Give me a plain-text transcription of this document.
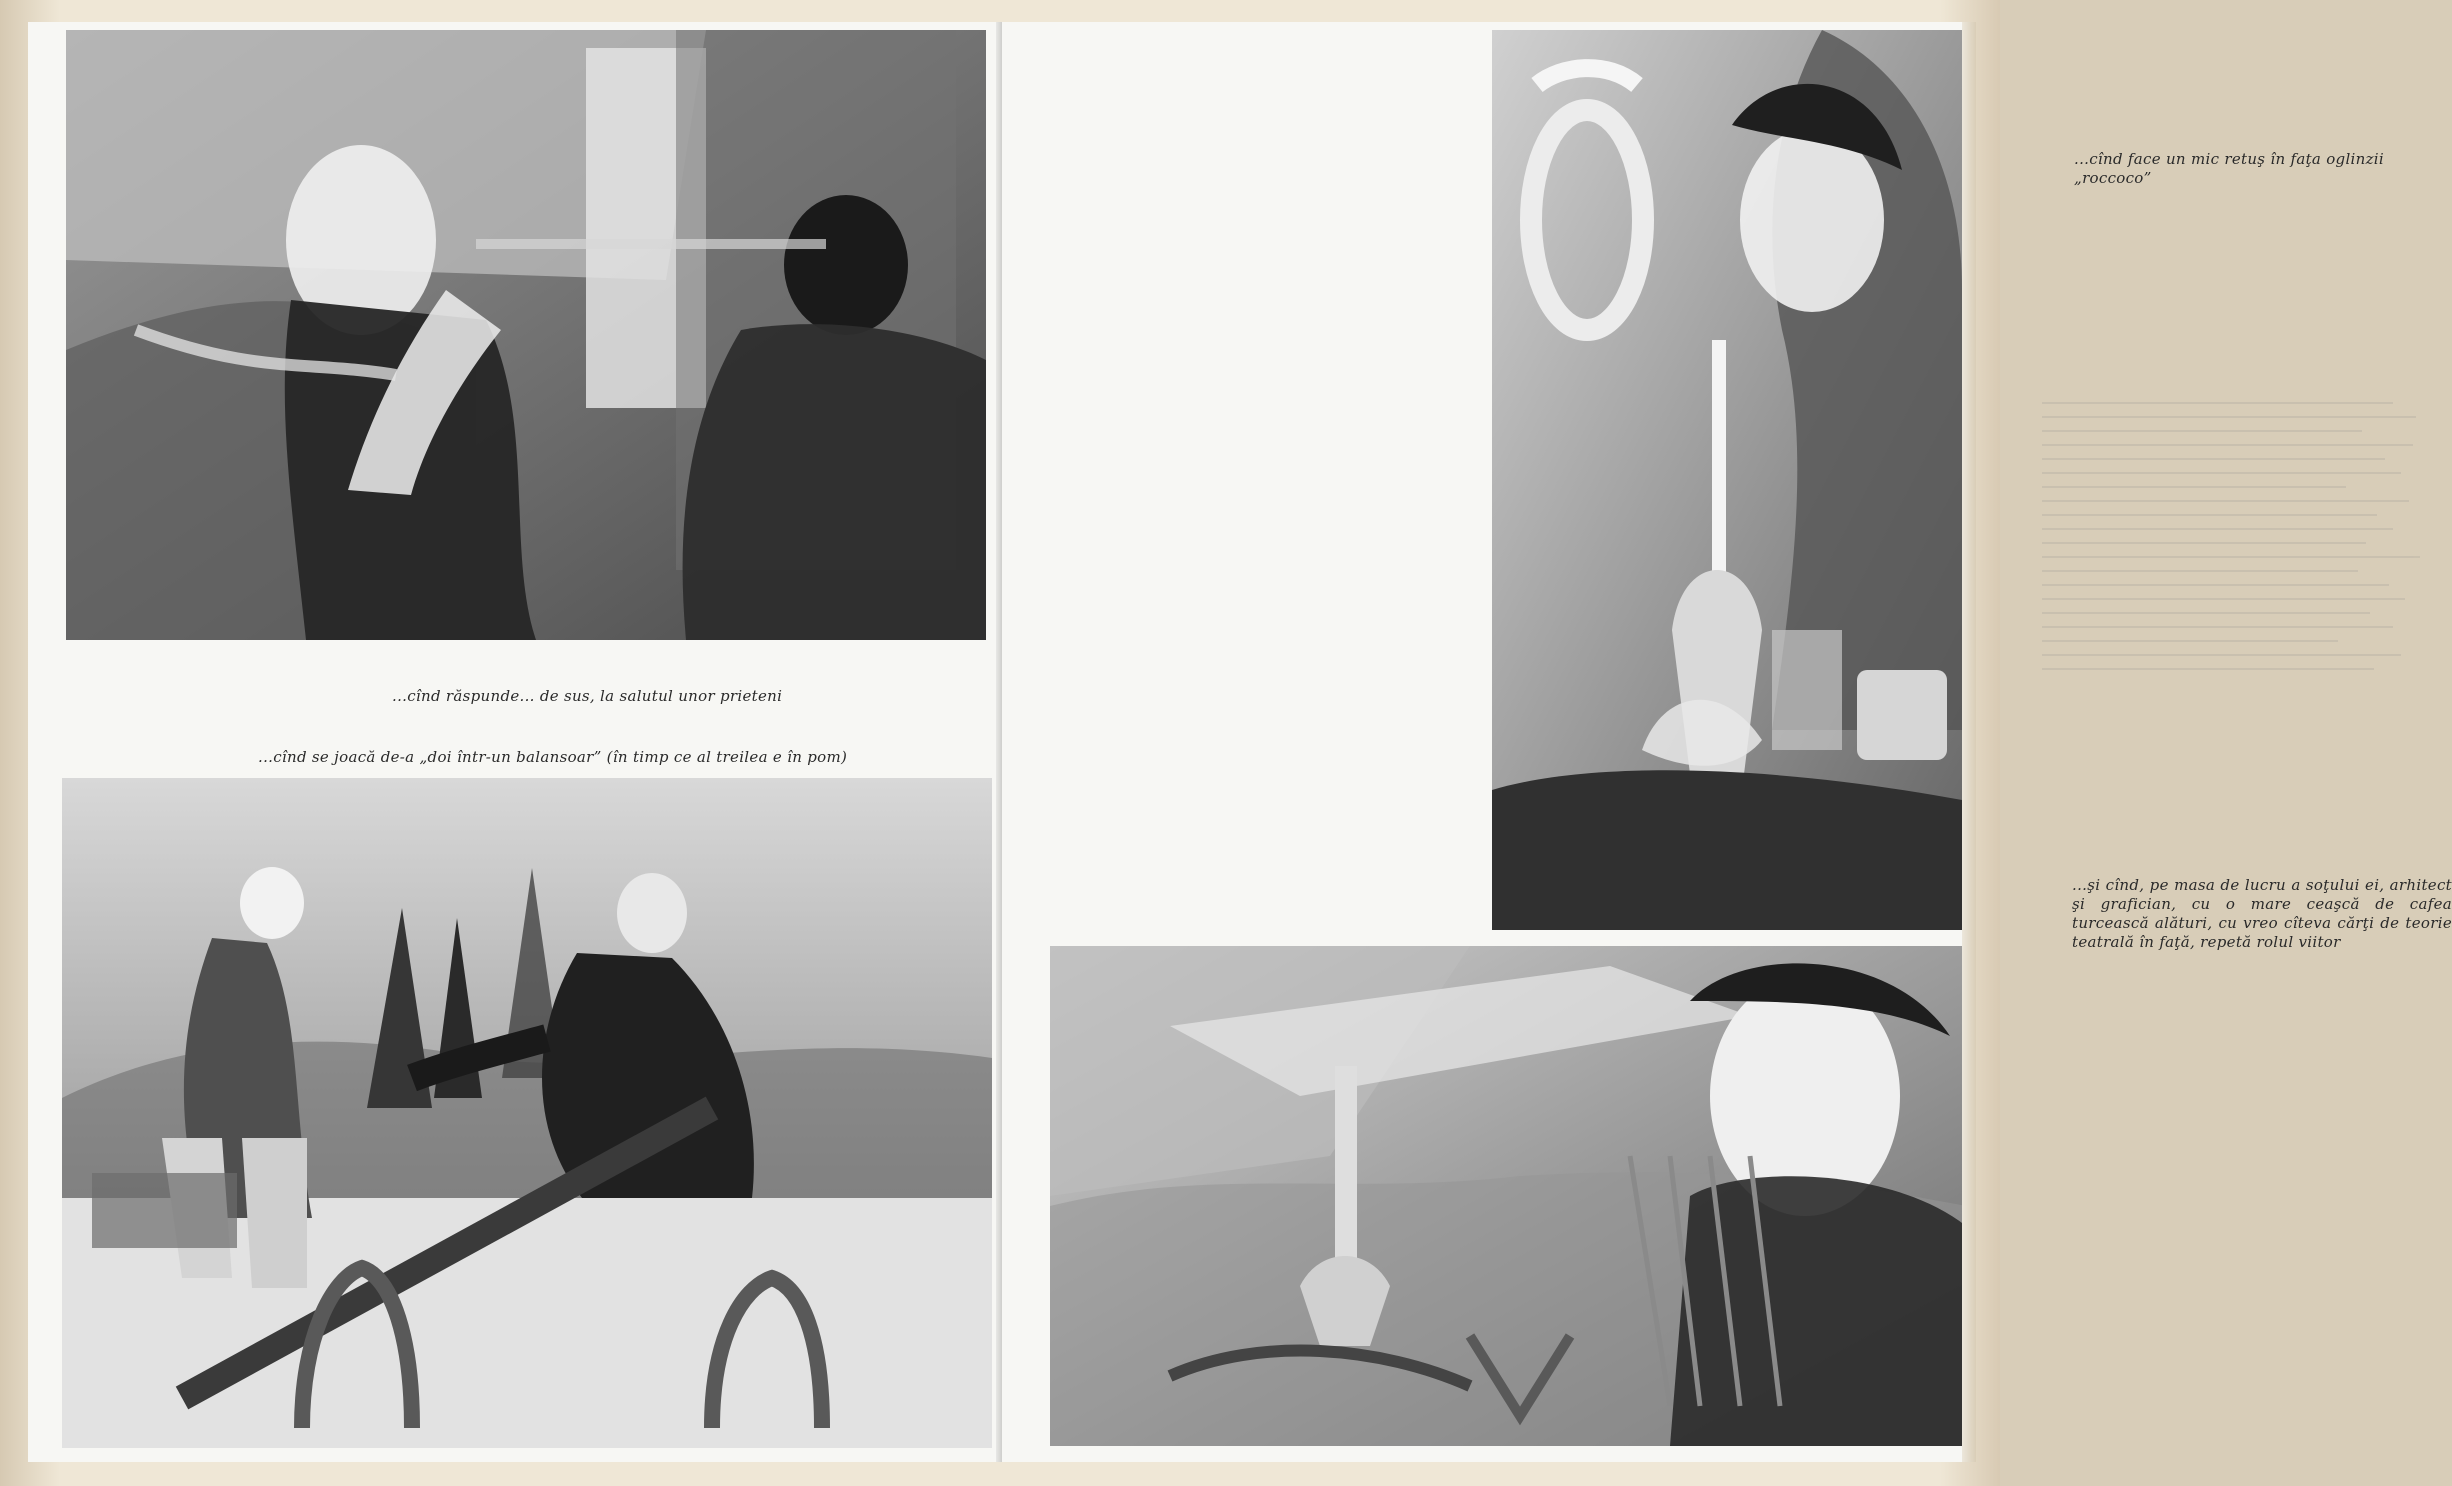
...cînd răspunde... de sus, la salutul unor prieteni
...cînd se joacă de-a „doi într-un balansoar” (în timp ce al treilea e în pom)
...cînd face un mic retuş în faţa oglinzii „roccoco”
...şi cînd, pe masa de lucru a soţului ei, arhitect şi grafician, cu o mare ceaşcă de cafea turcească alături, cu vreo cîteva cărţi de teorie teatrală în faţă, repetă rolul viitor
